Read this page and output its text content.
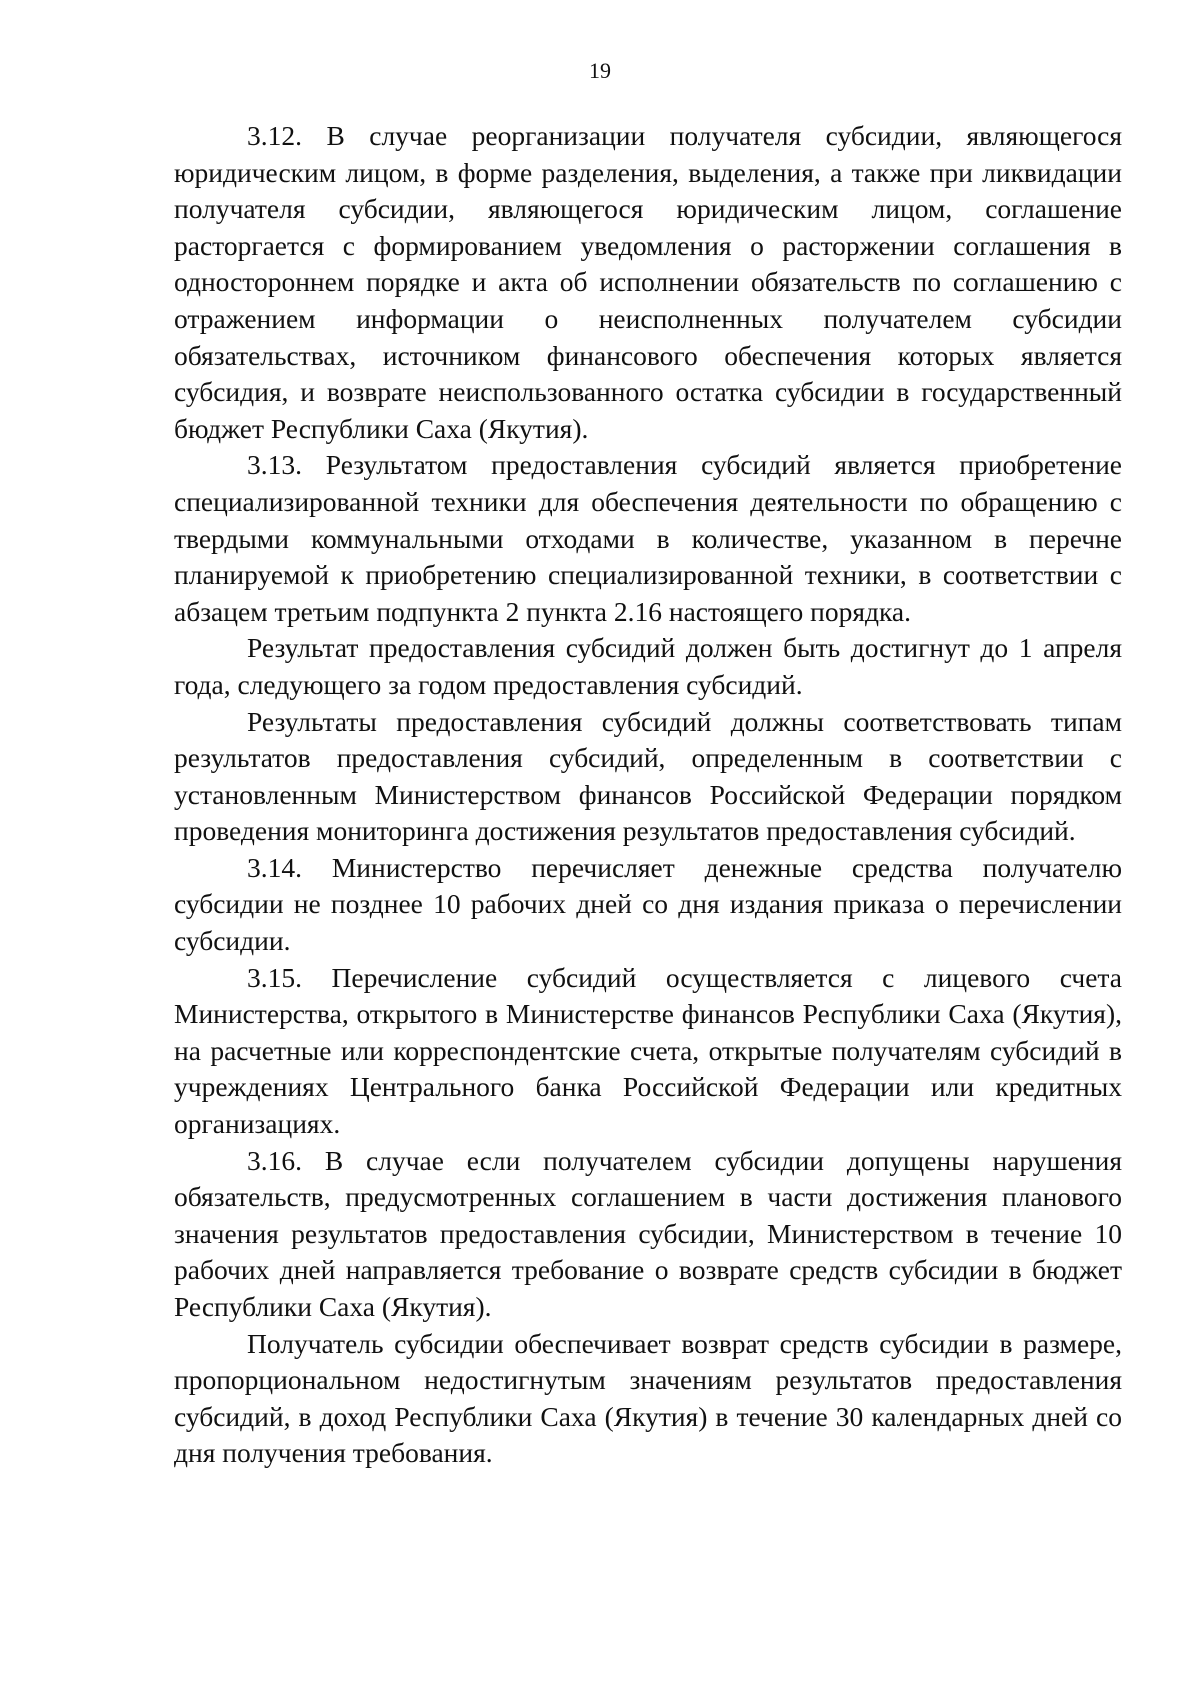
19

3.12. В случае реорганизации получателя субсидии, являющегося юридическим лицом, в форме разделения, выделения, а также при ликвидации получателя субсидии, являющегося юридическим лицом, соглашение расторгается с формированием уведомления о расторжении соглашения в одностороннем порядке и акта об исполнении обязательств по соглашению с отражением информации о неисполненных получателем субсидии обязательствах, источником финансового обеспечения которых является субсидия, и возврате неиспользованного остатка субсидии в государственный бюджет Республики Саха (Якутия).

3.13. Результатом предоставления субсидий является приобретение специализированной техники для обеспечения деятельности по обращению с твердыми коммунальными отходами в количестве, указанном в перечне планируемой к приобретению специализированной техники, в соответствии с абзацем третьим подпункта 2 пункта 2.16 настоящего порядка.

Результат предоставления субсидий должен быть достигнут до 1 апреля года, следующего за годом предоставления субсидий.

Результаты предоставления субсидий должны соответствовать типам результатов предоставления субсидий, определенным в соответствии с установленным Министерством финансов Российской Федерации порядком проведения мониторинга достижения результатов предоставления субсидий.

3.14. Министерство перечисляет денежные средства получателю субсидии не позднее 10 рабочих дней со дня издания приказа о перечислении субсидии.

3.15. Перечисление субсидий осуществляется с лицевого счета Министерства, открытого в Министерстве финансов Республики Саха (Якутия), на расчетные или корреспондентские счета, открытые получателям субсидий в учреждениях Центрального банка Российской Федерации или кредитных организациях.

3.16. В случае если получателем субсидии допущены нарушения обязательств, предусмотренных соглашением в части достижения планового значения результатов предоставления субсидии, Министерством в течение 10 рабочих дней направляется требование о возврате средств субсидии в бюджет Республики Саха (Якутия).

Получатель субсидии обеспечивает возврат средств субсидии в размере, пропорциональном недостигнутым значениям результатов предоставления субсидий, в доход Республики Саха (Якутия) в течение 30 календарных дней со дня получения требования.
